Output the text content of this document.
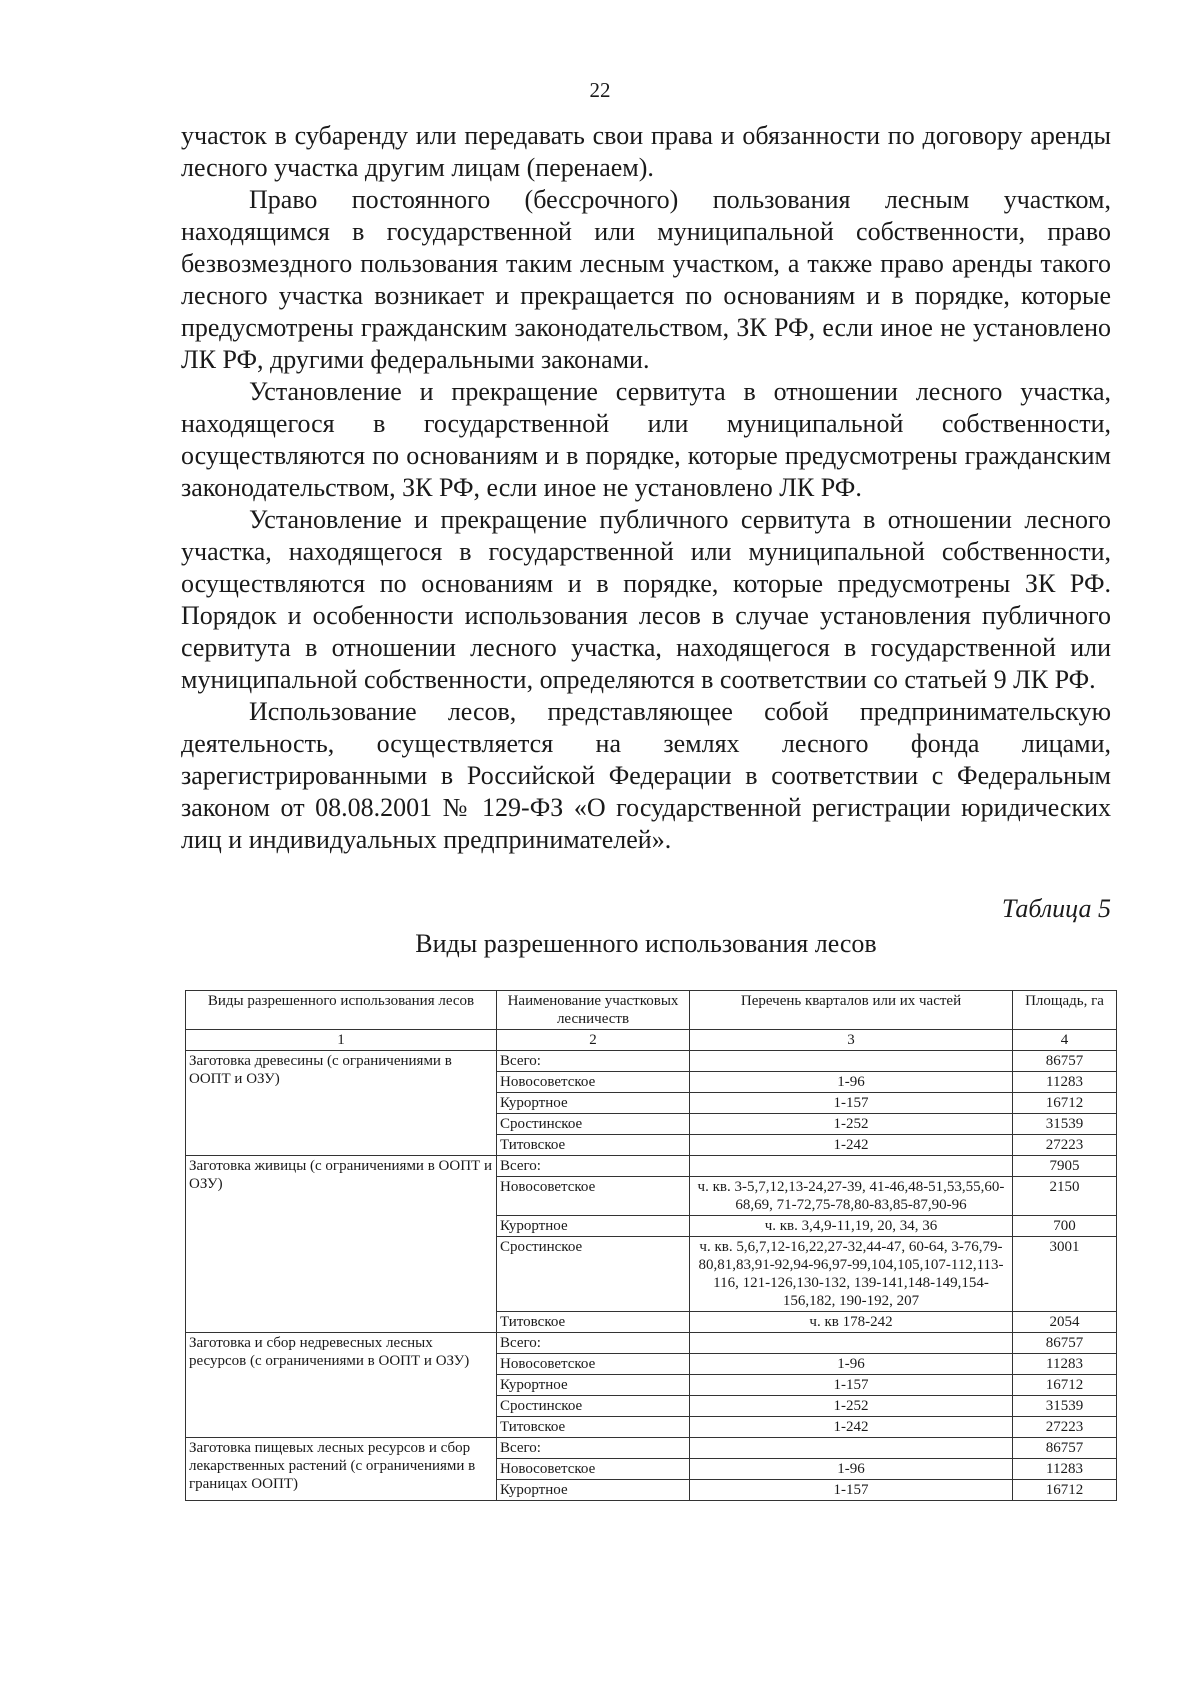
22

участок в субаренду или передавать свои права и обязанности по договору аренды лесного участка другим лицам (перенаем).

Право постоянного (бессрочного) пользования лесным участком, находящимся в государственной или муниципальной собственности, право безвозмездного пользования таким лесным участком, а также право аренды такого лесного участка возникает и прекращается по основаниям и в порядке, которые предусмотрены гражданским законодательством, ЗК РФ, если иное не установлено ЛК РФ, другими федеральными законами.

Установление и прекращение сервитута в отношении лесного участка, находящегося в государственной или муниципальной собственности, осуществляются по основаниям и в порядке, которые предусмотрены гражданским законодательством, ЗК РФ, если иное не установлено ЛК РФ.

Установление и прекращение публичного сервитута в отношении лесного участка, находящегося в государственной или муниципальной собственности, осуществляются по основаниям и в порядке, которые предусмотрены ЗК РФ. Порядок и особенности использования лесов в случае установления публичного сервитута в отношении лесного участка, находящегося в государственной или муниципальной собственности, определяются в соответствии со статьей 9 ЛК РФ.

Использование лесов, представляющее собой предпринимательскую деятельность, осуществляется на землях лесного фонда лицами, зарегистрированными в Российской Федерации в соответствии с Федеральным законом от 08.08.2001 № 129-ФЗ «О государственной регистрации юридических лиц и индивидуальных предпринимателей».

Таблица 5
Виды разрешенного использования лесов
Виды разрешенного использования лесов	Наименование участковых лесничеств	Перечень кварталов или их частей	Площадь, га
1	2	3	4
Заготовка древесины (с ограничениями в ООПТ и ОЗУ)	Всего:		86757
	Новосоветское	1-96	11283
	Курортное	1-157	16712
	Сростинское	1-252	31539
	Титовское	1-242	27223
Заготовка живицы (с ограничениями в ООПТ и ОЗУ)	Всего:		7905
	Новосоветское	ч. кв. 3-5,7,12,13-24,27-39, 41-46,48-51,53,55,60-68,69, 71-72,75-78,80-83,85-87,90-96	2150
	Курортное	ч. кв. 3,4,9-11,19, 20, 34, 36	700
	Сростинское	ч. кв. 5,6,7,12-16,22,27-32,44-47, 60-64, 3-76,79-80,81,83,91-92,94-96,97-99,104,105,107-112,113-116, 121-126,130-132, 139-141,148-149,154-156,182, 190-192, 207	3001
	Титовское	ч. кв 178-242	2054
Заготовка и сбор недревесных лесных ресурсов (с ограничениями в ООПТ и ОЗУ)	Всего:		86757
	Новосоветское	1-96	11283
	Курортное	1-157	16712
	Сростинское	1-252	31539
	Титовское	1-242	27223
Заготовка пищевых лесных ресурсов и сбор лекарственных растений (с ограничениями в границах ООПТ)	Всего:		86757
	Новосоветское	1-96	11283
	Курортное	1-157	16712
